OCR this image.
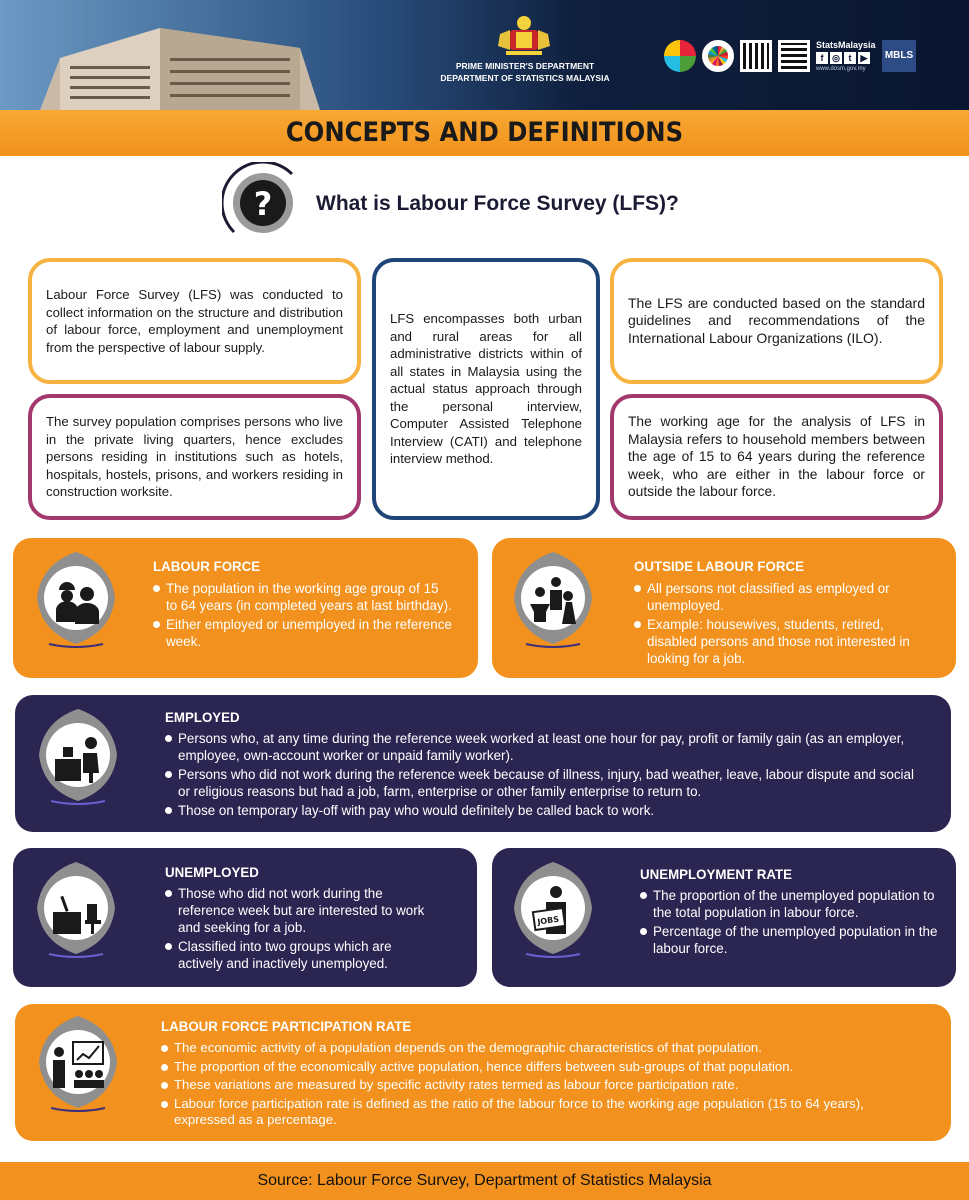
PRIME MINISTER'S DEPARTMENT
DEPARTMENT OF STATISTICS MALAYSIA
StatsMalaysia
f ◎ t	▶
www.dosm.gov.my
MBLS
CONCEPTS AND DEFINITIONS
? What is Labour Force Survey (LFS)?
Labour Force Survey (LFS) was conducted to collect information on the structure and distribution of labour force, employment and unemployment from the perspective of labour supply.
The survey population comprises persons who live in the private living quarters, hence excludes persons residing in institutions such as hotels, hospitals, hostels, prisons, and workers residing in construction worksite.
LFS encompasses both urban and rural areas for all administrative districts within of all states in Malaysia using the actual status approach through the personal interview, Computer Assisted Telephone Interview (CATI) and telephone interview method.
The LFS are conducted based on the standard guidelines and recommendations of the International Labour Organizations (ILO).
The working age for the analysis of LFS in Malaysia refers to household members between the age of 15 to 64 years during the reference week, who are either in the labour force or outside the labour force.
LABOUR FORCE
The population in the working age group of 15 to 64 years (in completed years at last birthday).
Either employed or unemployed in the reference week.
OUTSIDE LABOUR FORCE
All persons not classified as employed or unemployed.
Example: housewives, students, retired, disabled persons and those not interested in looking for a job.
EMPLOYED
Persons who, at any time during the reference week worked at least one hour for pay, profit or family gain (as an employer, employee, own-account worker or unpaid family worker).
Persons who did not work during the reference week because of illness, injury, bad weather, leave, labour dispute and social or religious reasons but had a job, farm, enterprise or other family enterprise to return to.
Those on temporary lay-off with pay who would definitely be called back to work.
UNEMPLOYED
Those who did not work during the reference week but are interested to work and seeking for a job.
Classified into two groups which are actively and inactively unemployed.
JOBS
UNEMPLOYMENT RATE
The proportion of the unemployed population to the total population in labour force.
Percentage of the unemployed population in the labour force.
LABOUR FORCE PARTICIPATION RATE
The economic activity of a population depends on the demographic characteristics of that population.
The proportion of the economically active population, hence differs between sub-groups of that population.
These variations are measured by specific activity rates termed as labour force participation rate.
Labour force participation rate is defined as the ratio of the labour force to the working age population (15 to 64 years), expressed as a percentage.
Source: Labour Force Survey, Department of Statistics Malaysia
